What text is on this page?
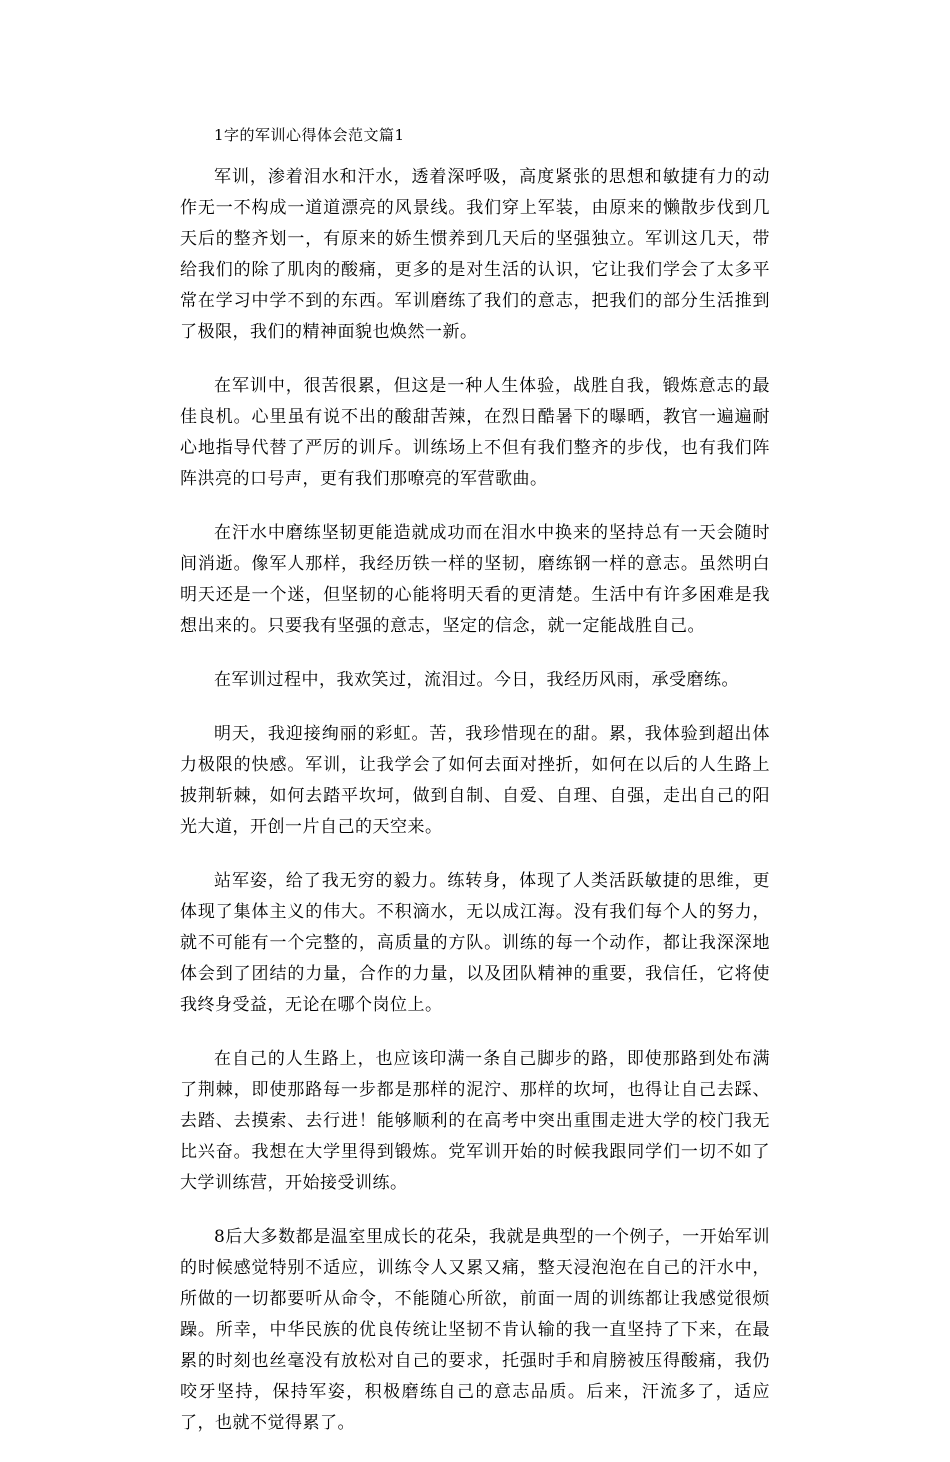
1字的军训心得体会范文篇1

军训，渗着泪水和汗水，透着深呼吸，高度紧张的思想和敏捷有力的动作无一不构成一道道漂亮的风景线。我们穿上军装，由原来的懒散步伐到几天后的整齐划一，有原来的娇生惯养到几天后的坚强独立。军训这几天，带给我们的除了肌肉的酸痛，更多的是对生活的认识，它让我们学会了太多平常在学习中学不到的东西。军训磨练了我们的意志，把我们的部分生活推到了极限，我们的精神面貌也焕然一新。

在军训中，很苦很累，但这是一种人生体验，战胜自我，锻炼意志的最佳良机。心里虽有说不出的酸甜苦辣，在烈日酷暑下的曝晒，教官一遍遍耐心地指导代替了严厉的训斥。训练场上不但有我们整齐的步伐，也有我们阵阵洪亮的口号声，更有我们那嘹亮的军营歌曲。

在汗水中磨练坚韧更能造就成功而在泪水中换来的坚持总有一天会随时间消逝。像军人那样，我经历铁一样的坚韧，磨练钢一样的意志。虽然明白明天还是一个迷，但坚韧的心能将明天看的更清楚。生活中有许多困难是我想出来的。只要我有坚强的意志，坚定的信念，就一定能战胜自己。

在军训过程中，我欢笑过，流泪过。今日，我经历风雨，承受磨练。

明天，我迎接绚丽的彩虹。苦，我珍惜现在的甜。累，我体验到超出体力极限的快感。军训，让我学会了如何去面对挫折，如何在以后的人生路上披荆斩棘，如何去踏平坎坷，做到自制、自爱、自理、自强，走出自己的阳光大道，开创一片自己的天空来。

站军姿，给了我无穷的毅力。练转身，体现了人类活跃敏捷的思维，更体现了集体主义的伟大。不积滴水，无以成江海。没有我们每个人的努力，就不可能有一个完整的，高质量的方队。训练的每一个动作，都让我深深地体会到了团结的力量，合作的力量，以及团队精神的重要，我信任，它将使我终身受益，无论在哪个岗位上。

在自己的人生路上，也应该印满一条自己脚步的路，即使那路到处布满了荆棘，即使那路每一步都是那样的泥泞、那样的坎坷，也得让自己去踩、去踏、去摸索、去行进！能够顺利的在高考中突出重围走进大学的校门我无比兴奋。我想在大学里得到锻炼。党军训开始的时候我跟同学们一切不如了大学训练营，开始接受训练。

8后大多数都是温室里成长的花朵，我就是典型的一个例子，一开始军训的时候感觉特别不适应，训练令人又累又痛，整天浸泡泡在自己的汗水中，所做的一切都要听从命令，不能随心所欲，前面一周的训练都让我感觉很烦躁。所幸，中华民族的优良传统让坚韧不肯认输的我一直坚持了下来，在最累的时刻也丝毫没有放松对自己的要求，托强时手和肩膀被压得酸痛，我仍咬牙坚持，保持军姿，积极磨练自己的意志品质。后来，汗流多了，适应了，也就不觉得累了。
